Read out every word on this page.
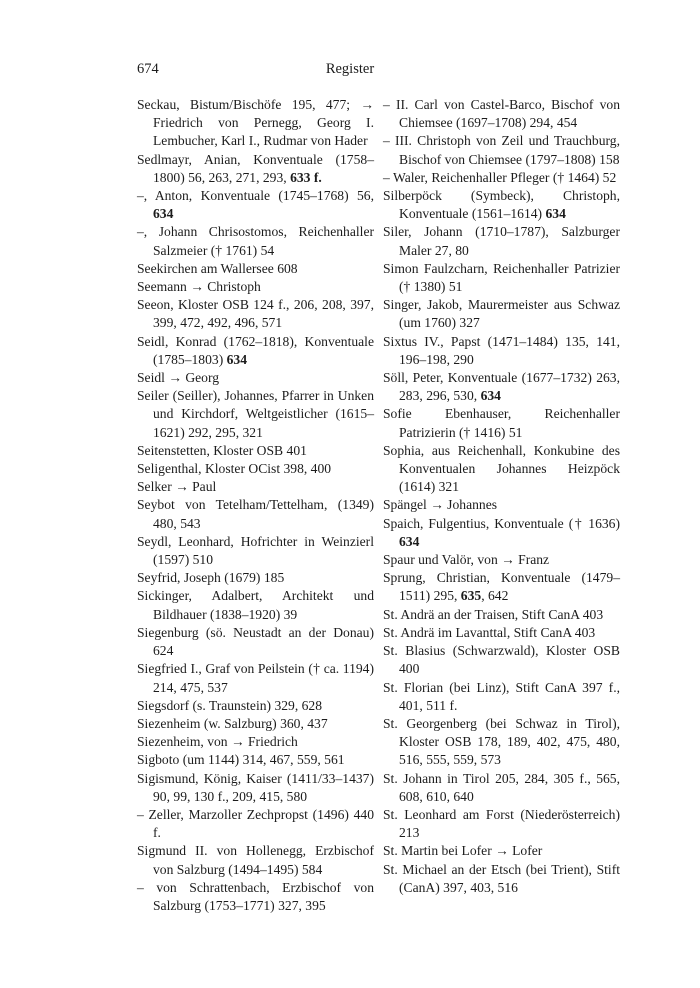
674	Register

Seckau, Bistum/Bischöfe 195, 477; → Friedrich von Pernegg, Georg I. Lembucher, Karl I., Rudmar von Hader

Sedlmayr, Anian, Konventuale (1758–1800) 56, 263, 271, 293, 633 f.

–, Anton, Konventuale (1745–1768) 56, 634

–, Johann Chrisostomos, Reichenhaller Salzmeier († 1761) 54

Seekirchen am Wallersee 608

Seemann → Christoph

Seeon, Kloster OSB 124 f., 206, 208, 397, 399, 472, 492, 496, 571

Seidl, Konrad (1762–1818), Konventuale (1785–1803) 634

Seidl → Georg

Seiler (Seiller), Johannes, Pfarrer in Unken und Kirchdorf, Weltgeistlicher (1615–1621) 292, 295, 321

Seitenstetten, Kloster OSB 401

Seligenthal, Kloster OCist 398, 400

Selker → Paul

Seybot von Tetelham/Tettelham, (1349) 480, 543

Seydl, Leonhard, Hofrichter in Weinzierl (1597) 510

Seyfrid, Joseph (1679) 185

Sickinger, Adalbert, Architekt und Bildhauer (1838–1920) 39

Siegenburg (sö. Neustadt an der Donau) 624

Siegfried I., Graf von Peilstein († ca. 1194) 214, 475, 537

Siegsdorf (s. Traunstein) 329, 628

Siezenheim (w. Salzburg) 360, 437

Siezenheim, von → Friedrich

Sigboto (um 1144) 314, 467, 559, 561

Sigismund, König, Kaiser (1411/33–1437) 90, 99, 130 f., 209, 415, 580

– Zeller, Marzoller Zechpropst (1496) 440 f.

Sigmund II. von Hollenegg, Erzbischof von Salzburg (1494–1495) 584

– von Schrattenbach, Erzbischof von Salzburg (1753–1771) 327, 395

– II. Carl von Castel-Barco, Bischof von Chiemsee (1697–1708) 294, 454

– III. Christoph von Zeil und Trauchburg, Bischof von Chiemsee (1797–1808) 158

– Waler, Reichenhaller Pfleger († 1464) 52

Silberpöck (Symbeck), Christoph, Konventuale (1561–1614) 634

Siler, Johann (1710–1787), Salzburger Maler 27, 80

Simon Faulzcharn, Reichenhaller Patrizier († 1380) 51

Singer, Jakob, Maurermeister aus Schwaz (um 1760) 327

Sixtus IV., Papst (1471–1484) 135, 141, 196–198, 290

Söll, Peter, Konventuale (1677–1732) 263, 283, 296, 530, 634

Sofie Ebenhauser, Reichenhaller Patrizierin († 1416) 51

Sophia, aus Reichenhall, Konkubine des Konventualen Johannes Heizpöck (1614) 321

Spängel → Johannes

Spaich, Fulgentius, Konventuale († 1636) 634

Spaur und Valör, von → Franz

Sprung, Christian, Konventuale (1479–1511) 295, 635, 642

St. Andrä an der Traisen, Stift CanA 403

St. Andrä im Lavanttal, Stift CanA 403

St. Blasius (Schwarzwald), Kloster OSB 400

St. Florian (bei Linz), Stift CanA 397 f., 401, 511 f.

St. Georgenberg (bei Schwaz in Tirol), Kloster OSB 178, 189, 402, 475, 480, 516, 555, 559, 573

St. Johann in Tirol 205, 284, 305 f., 565, 608, 610, 640

St. Leonhard am Forst (Niederösterreich) 213

St. Martin bei Lofer → Lofer

St. Michael an der Etsch (bei Trient), Stift (CanA) 397, 403, 516
